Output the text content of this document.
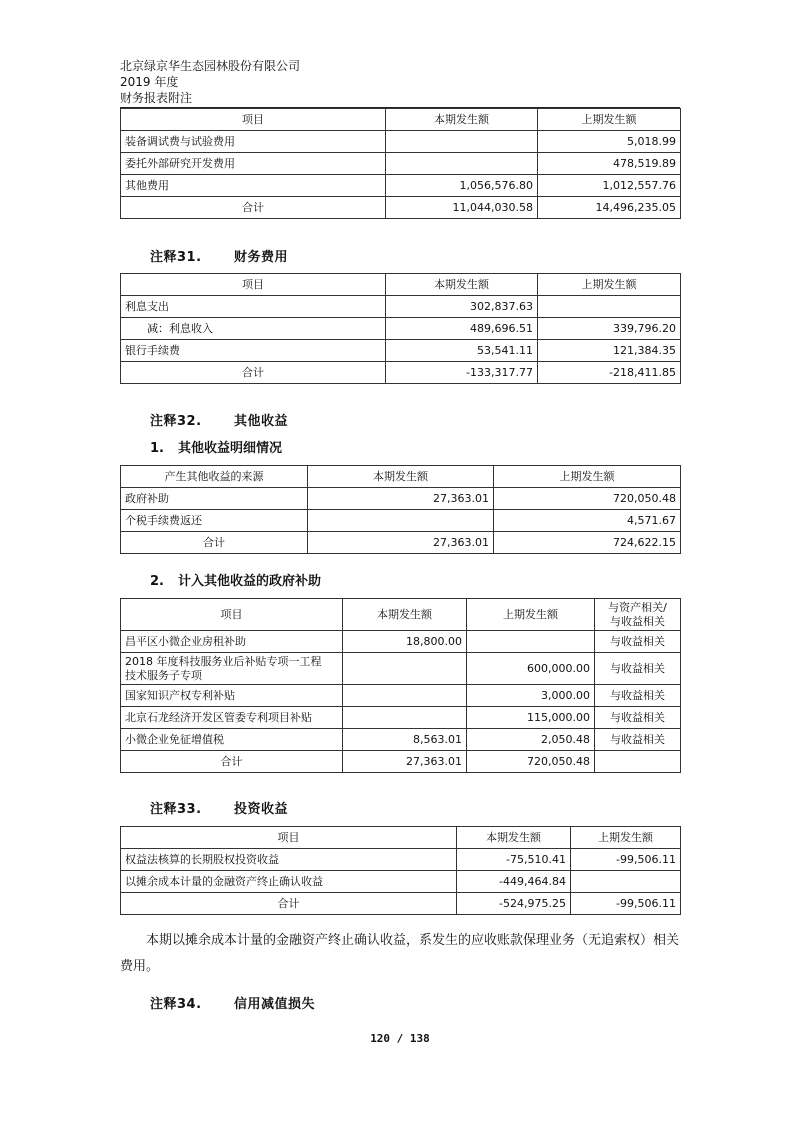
北京绿京华生态园林股份有限公司
2019 年度
财务报表附注
项目	本期发生额	上期发生额
装备调试费与试验费用		5,018.99
委托外部研究开发费用		478,519.89
其他费用	1,056,576.80	1,012,557.76
合计	11,044,030.58	14,496,235.05
注释31. 财务费用
项目	本期发生额	上期发生额
利息支出	302,837.63	
减：利息收入	489,696.51	339,796.20
银行手续费	53,541.11	121,384.35
合计	-133,317.77	-218,411.85
注释32. 其他收益
1. 其他收益明细情况
产生其他收益的来源	本期发生额	上期发生额
政府补助	27,363.01	720,050.48
个税手续费返还		4,571.67
合计	27,363.01	724,622.15
2. 计入其他收益的政府补助
项目	本期发生额	上期发生额	与资产相关/
与收益相关

昌平区小微企业房租补助	18,800.00		与收益相关

2018 年度科技服务业后补贴专项一工程
技术服务子专项		600,000.00	与收益相关
国家知识产权专利补贴		3,000.00	与收益相关
北京石龙经济开发区管委专利项目补贴		115,000.00	与收益相关
小微企业免征增值税	8,563.01	2,050.48	与收益相关
合计	27,363.01	720,050.48	
注释33. 投资收益
项目	本期发生额	上期发生额
权益法核算的长期股权投资收益	-75,510.41	-99,506.11
以摊余成本计量的金融资产终止确认收益	-449,464.84	
合计	-524,975.25	-99,506.11
本期以摊余成本计量的金融资产终止确认收益，系发生的应收账款保理业务（无追索权）相关费用。
注释34. 信用减值损失
120 / 138
